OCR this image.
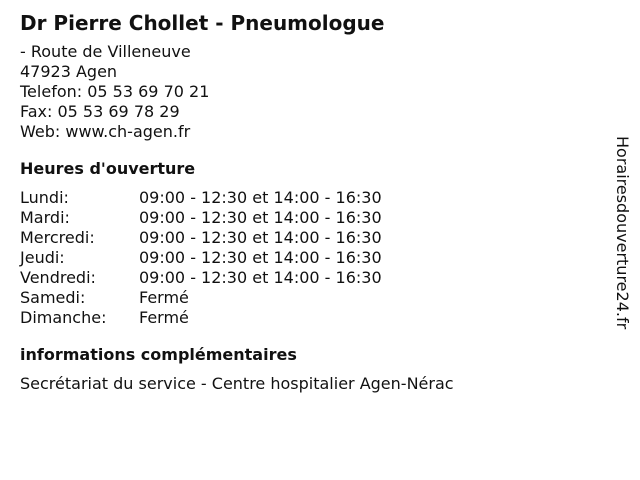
Dr Pierre Chollet - Pneumologue
- Route de Villeneuve
47923 Agen
Telefon: 05 53 69 70 21
Fax: 05 53 69 78 29
Web: www.ch-agen.fr
Heures d'ouverture
Lundi:	09:00 - 12:30 et 14:00 - 16:30
Mardi:	09:00 - 12:30 et 14:00 - 16:30
Mercredi:	09:00 - 12:30 et 14:00 - 16:30
Jeudi:	09:00 - 12:30 et 14:00 - 16:30
Vendredi:	09:00 - 12:30 et 14:00 - 16:30
Samedi:	Fermé
Dimanche:	Fermé
informations complémentaires
Secrétariat du service - Centre hospitalier Agen-Nérac
Horairesdouverture24.fr
